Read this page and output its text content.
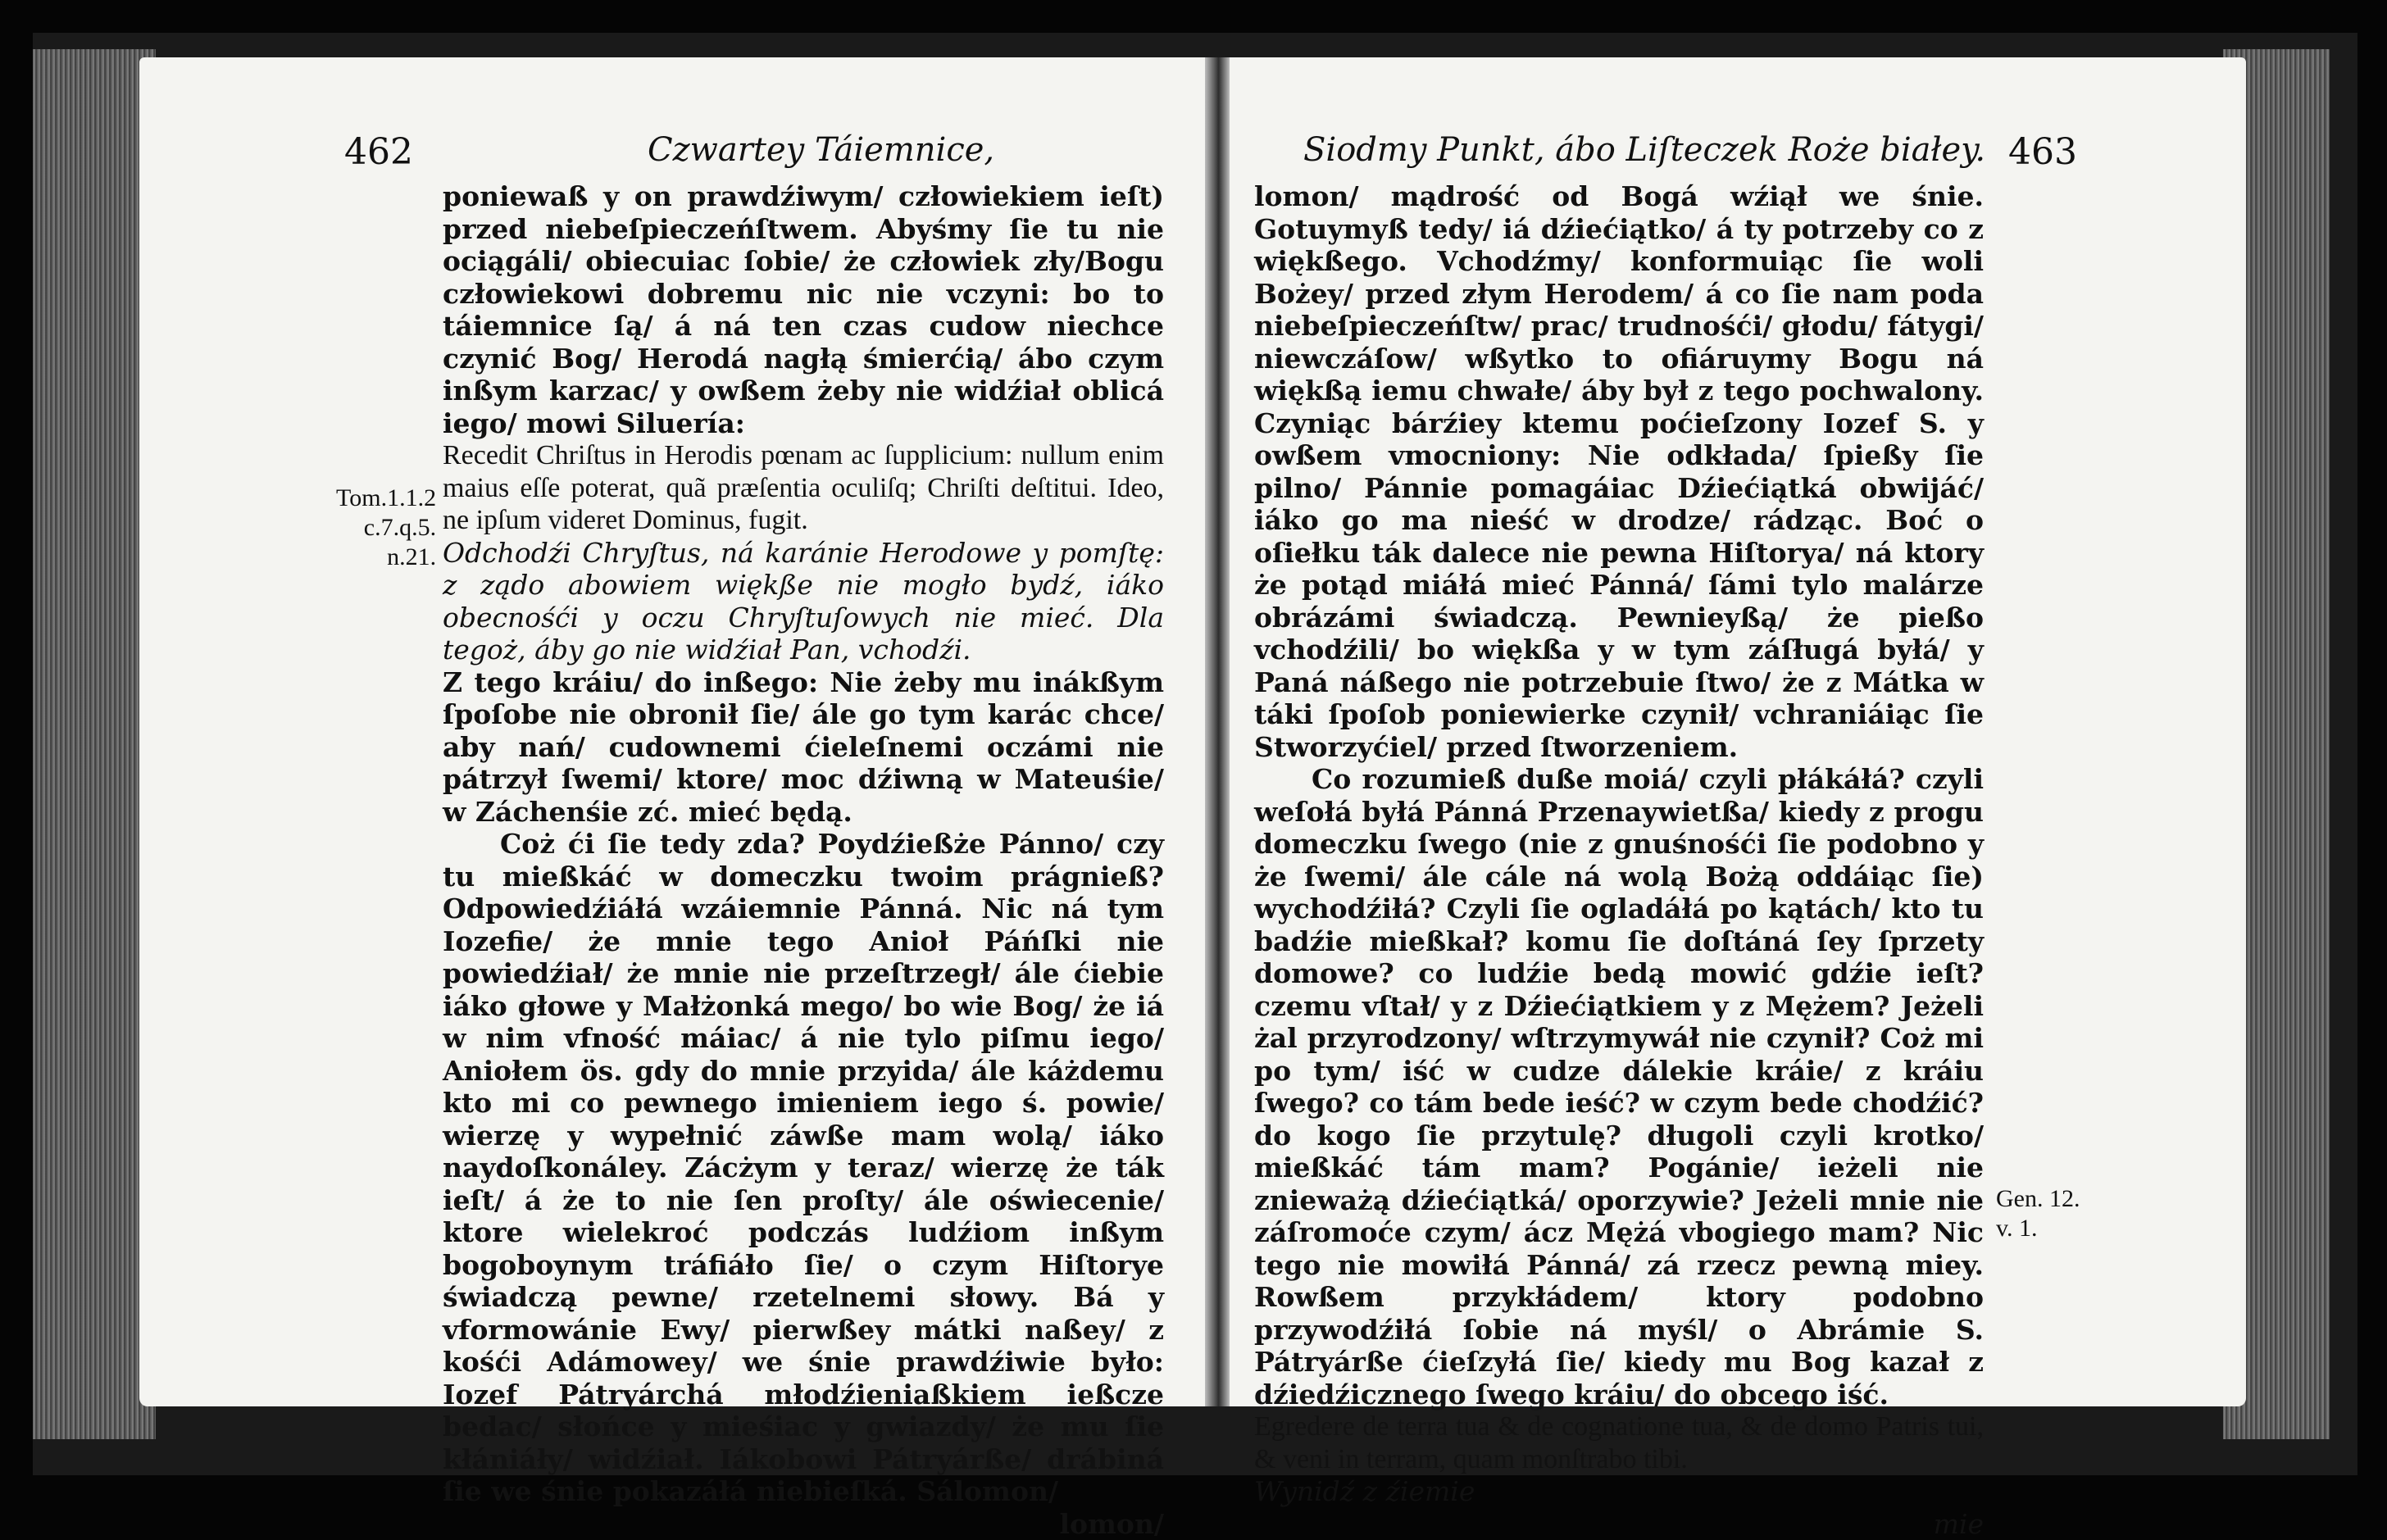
462	Czwartey Táiemnice,
Tom.1.1.2
c.7.q.5.
n.21.

poniewaß y on prawdźiwym/ człowiekiem ieſt) przed niebeſpieczeńſtwem. Abyśmy ſie tu nie ociągáli/ obiecuiac ſobie/ że człowiek zły/Bogu człowiekowi dobremu nic nie vczyni: bo to táiemnice ſą/ á ná ten czas cudow niechce czynić Bog/ Herodá nagłą śmierćią/ ábo czym inßym karzac/ y owßem żeby nie widźiał oblicá iego/ mowi Siluería:

Recedit Chriſtus in Herodis pœnam ac ſupplicium: nullum enim maius eſſe poterat, quã præſentia oculiſq; Chriſti deſtitui. Ideo, ne ipſum videret Dominus, fugit.

Odchodźi Chryſtus, ná karánie Herodowe y pomſtę: z ządo abowiem więkße nie mogło bydź, iáko obecnośći y oczu Chryſtuſowych nie mieć. Dla tegoż, áby go nie widźiał Pan, vchodźi.

Z tego kráiu/ do inßego: Nie żeby mu inákßym ſpoſobe nie obronił ſie/ ále go tym karác chce/ aby nań/ cudownemi ćieleſnemi oczámi nie pátrzył ſwemi/ ktore/ moc dźiwną w Mateuśie/ w Záchenśie zć. mieć będą.

Coż ći ſie tedy zda? Poydźießże Pánno/ czy tu mießkáć w domeczku twoim prágnieß? Odpowiedźiáłá wzáiemnie Pánná. Nic ná tym Iozefie/ że mnie tego Anioł Páńſki nie powiedźiał/ że mnie nie przeſtrzegł/ ále ćiebie iáko głowe y Małżonká mego/ bo wie Bog/ że iá w nim vfność máiac/ á nie tylo piſmu iego/ Aniołem ös. gdy do mnie przyida/ ále káżdemu kto mi co pewnego imieniem iego ś. powie/ wierzę y wypełnić záwße mam wolą/ iáko naydoſkonáley. Zácżym y teraz/ wierzę że ták ieſt/ á że to nie ſen proſty/ ále oświecenie/ ktore wielekroć podczás ludźiom inßym bogoboynym tráfiáło ſie/ o czym Hiſtorye świadczą pewne/ rzetelnemi słowy. Bá y vformowánie Ewy/ pierwßey mátki naßey/ z kośći Adámowey/ we śnie prawdźiwie było: Iozef Pátryárchá młodźieniaßkiem ießcze bedac/ słońce y mieśiac y gwiazdy/ że mu ſie kłániáły/ widźiał. Iákobowi Pátryárße/ drábiná ſie we śnie pokazáłá niebieſká. Sálomon/

lomon/

Siodmy Punkt, ábo Liſteczek Roże białey. 463

lomon/ mądrość od Bogá wźiął we śnie. Gotuymyß tedy/ iá dźiećiątko/ á ty potrzeby co z więkßego. Vchodźmy/ konformuiąc ſie woli Bożey/ przed złym Herodem/ á co ſie nam poda niebeſpieczeńſtw/ prac/ trudnośći/ głodu/ fátygi/ niewczáſow/ wßytko to ofiáruymy Bogu ná więkßą iemu chwałe/ áby był z tego pochwalony. Czyniąc bárźiey ktemu poćieſzony Iozef S. y owßem vmocniony: Nie odkłada/ ſpießy ſie pilno/ Pánnie pomagáiac Dźiećiątká obwijáć/ iáko go ma nieść w drodze/ rádząc. Boć o oſiełku ták dalece nie pewna Hiſtorya/ ná ktory że potąd miáłá mieć Pánná/ ſámi tylo malárze obrázámi świadczą. Pewnieyßą/ że pießo vchodźili/ bo więkßa y w tym záſługá byłá/ y Paná náßego nie potrzebuie ſtwo/ że z Mátka w táki ſpoſob poniewierke czynił/ vchraniáiąc ſie Stworzyćiel/ przed ſtworzeniem.

Co rozumieß duße moiá/ czyli płákáłá? czyli weſołá byłá Pánná Przenaywietßa/ kiedy z progu domeczku ſwego (nie z gnuśnośći ſie podobno y że ſwemi/ ále cále ná wolą Bożą oddáiąc ſie) wychodźiłá? Czyli ſie ogladáłá po kątách/ kto tu badźie mießkał? komu ſie doſtáná ſey ſprzety domowe? co ludźie bedą mowić gdźie ieſt? czemu vſtał/ y z Dźiećiątkiem y z Mężem? Jeżeli żal przyrodzony/ wſtrzymywáł nie czynił? Coż mi po tym/ iść w cudze dálekie kráie/ z kráiu ſwego? co tám bede ieść? w czym bede chodźić? do kogo ſie przytulę? długoli czyli krotko/ mießkáć tám mam? Pogánie/ ieżeli nie znieważą dźiećiątká/ oporzywie? Jeżeli mnie nie záſromoće czym/ ácz Mężá vbogiego mam? Nic tego nie mowiłá Pánná/ zá rzecz pewną miey. Rowßem przykłádem/ ktory podobno przywodźiłá ſobie ná myśl/ o Abrámie S. Pátryárße ćieſzyłá ſie/ kiedy mu Bog kazał z dźiedźicznego ſwego kráiu/ do obcego iść.

Egredere de terra tua & de cognatione tua, & de domo Patris tui, & veni in terram, quam monſtrabo tibi.

Wynidź z źiemie

mie

Gen. 12.
v. 1.
